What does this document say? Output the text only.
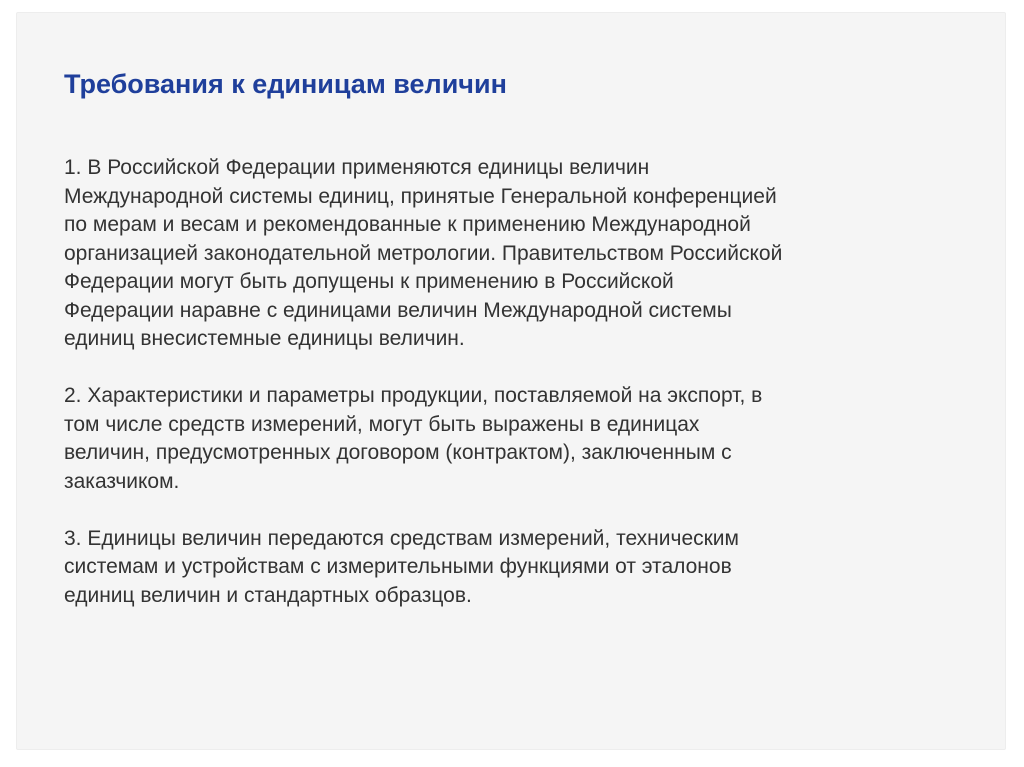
Требования к единицам величин

1. В Российской Федерации применяются единицы величин
Международной системы единиц, принятые Генеральной конференцией
по мерам и весам и рекомендованные к применению Международной
организацией законодательной метрологии. Правительством Российской
Федерации могут быть допущены к применению в Российской
Федерации наравне с единицами величин Международной системы
единиц внесистемные единицы величин.

2. Характеристики и параметры продукции, поставляемой на экспорт, в
том числе средств измерений, могут быть выражены в единицах
величин, предусмотренных договором (контрактом), заключенным с
заказчиком.

3. Единицы величин передаются средствам измерений, техническим
системам и устройствам с измерительными функциями от эталонов
единиц величин и стандартных образцов.
